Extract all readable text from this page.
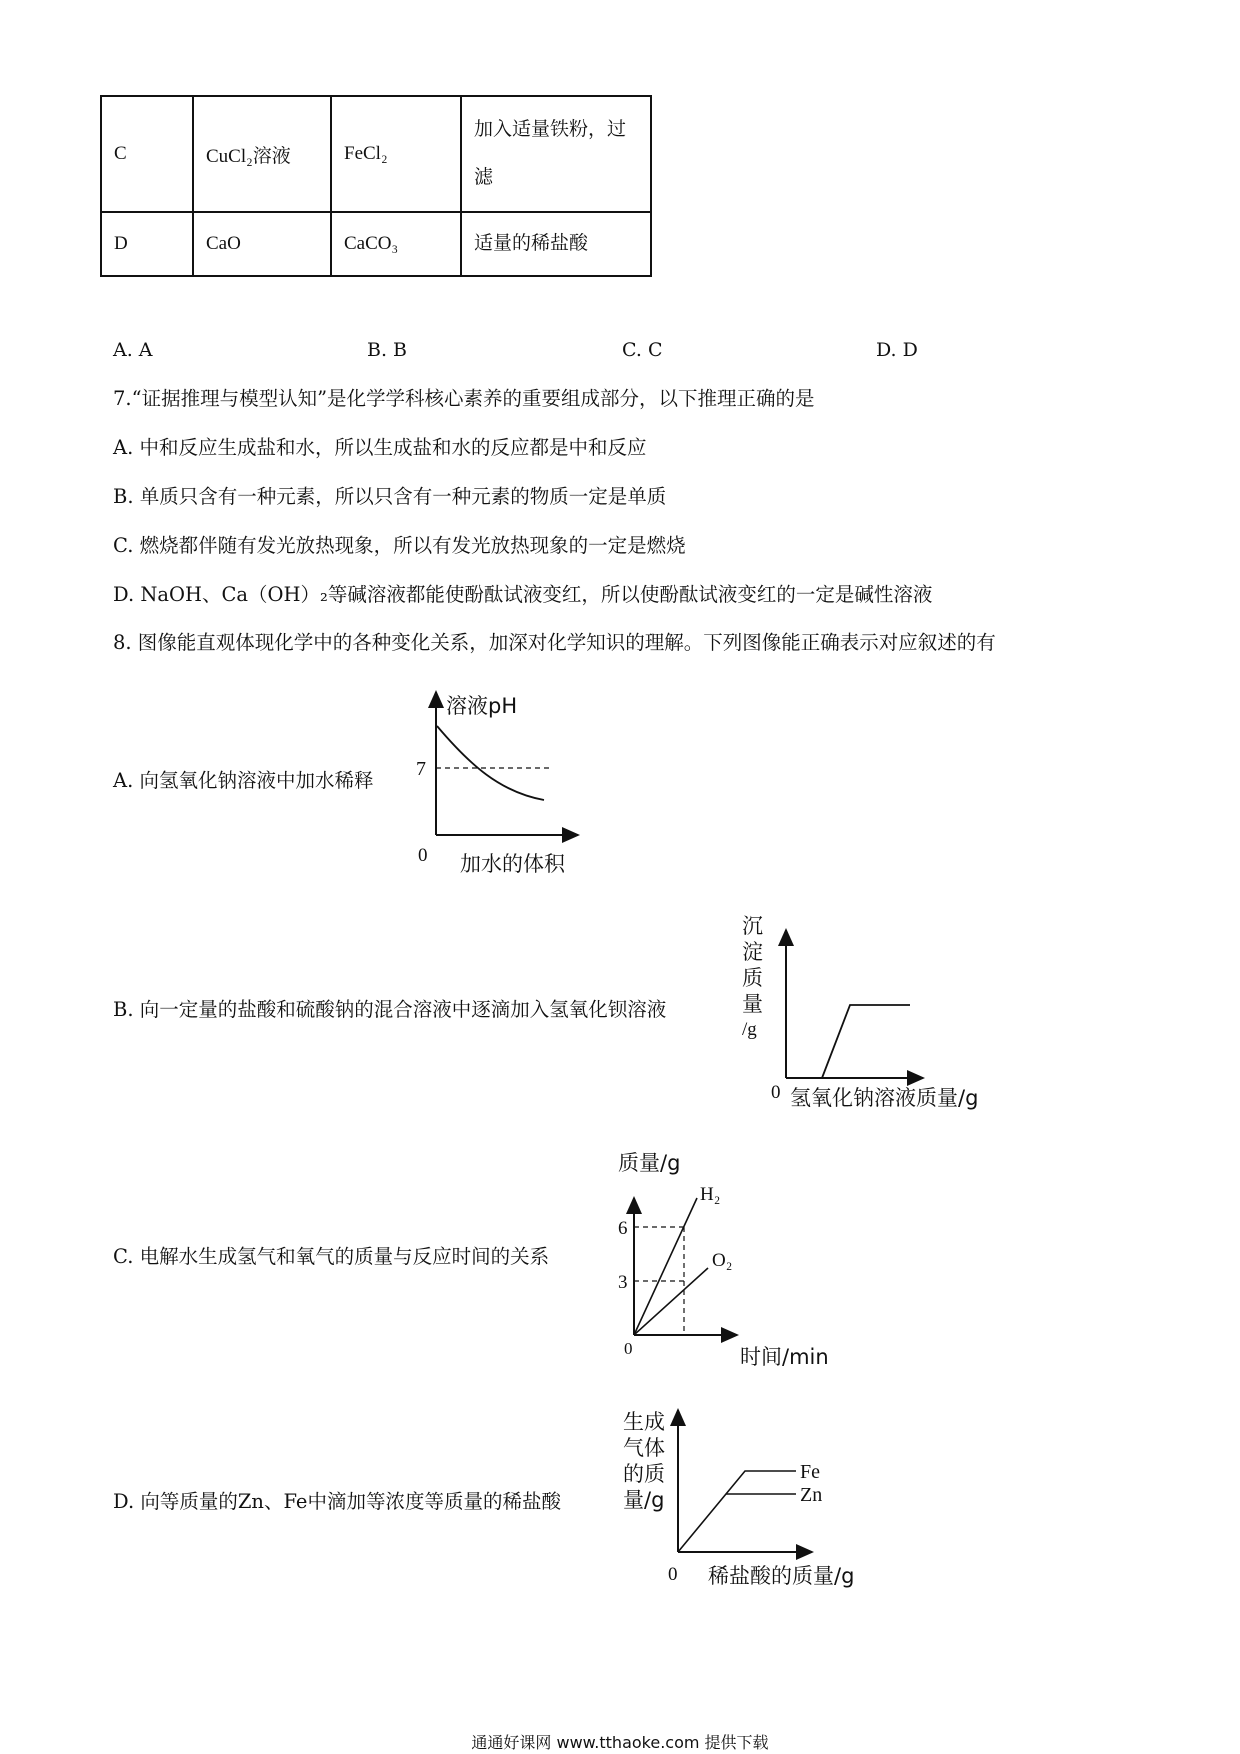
C	CuCl₂溶液	FeCl₂	加入适量铁粉，过滤
D	CaO	CaCO₃	适量的稀盐酸
A. A	B. B	C. C	D. D
7.“证据推理与模型认知”是化学学科核心素养的重要组成部分，以下推理正确的是
A. 中和反应生成盐和水，所以生成盐和水的反应都是中和反应
B. 单质只含有一种元素，所以只含有一种元素的物质一定是单质
C. 燃烧都伴随有发光放热现象，所以有发光放热现象的一定是燃烧
D. NaOH、Ca（OH）₂等碱溶液都能使酚酞试液变红，所以使酚酞试液变红的一定是碱性溶液
8. 图像能直观体现化学中的各种变化关系，加深对化学知识的理解。下列图像能正确表示对应叙述的有
A. 向氢氧化钠溶液中加水稀释
B. 向一定量的盐酸和硫酸钠的混合溶液中逐滴加入氢氧化钡溶液
C. 电解水生成氢气和氧气的质量与反应时间的关系
D. 向等质量的Zn、Fe中滴加等浓度等质量的稀盐酸
溶液pH
7
0 加水的体积
沉
淀
质
量
/g
0 氢氧化钠溶液质量/g
质量/g
6
3
H₂
O₂
0	时间/min
生成
气体
的质
量/g
Fe
Zn
0 稀盐酸的质量/g
通通好课网 www.tthaoke.com 提供下载
